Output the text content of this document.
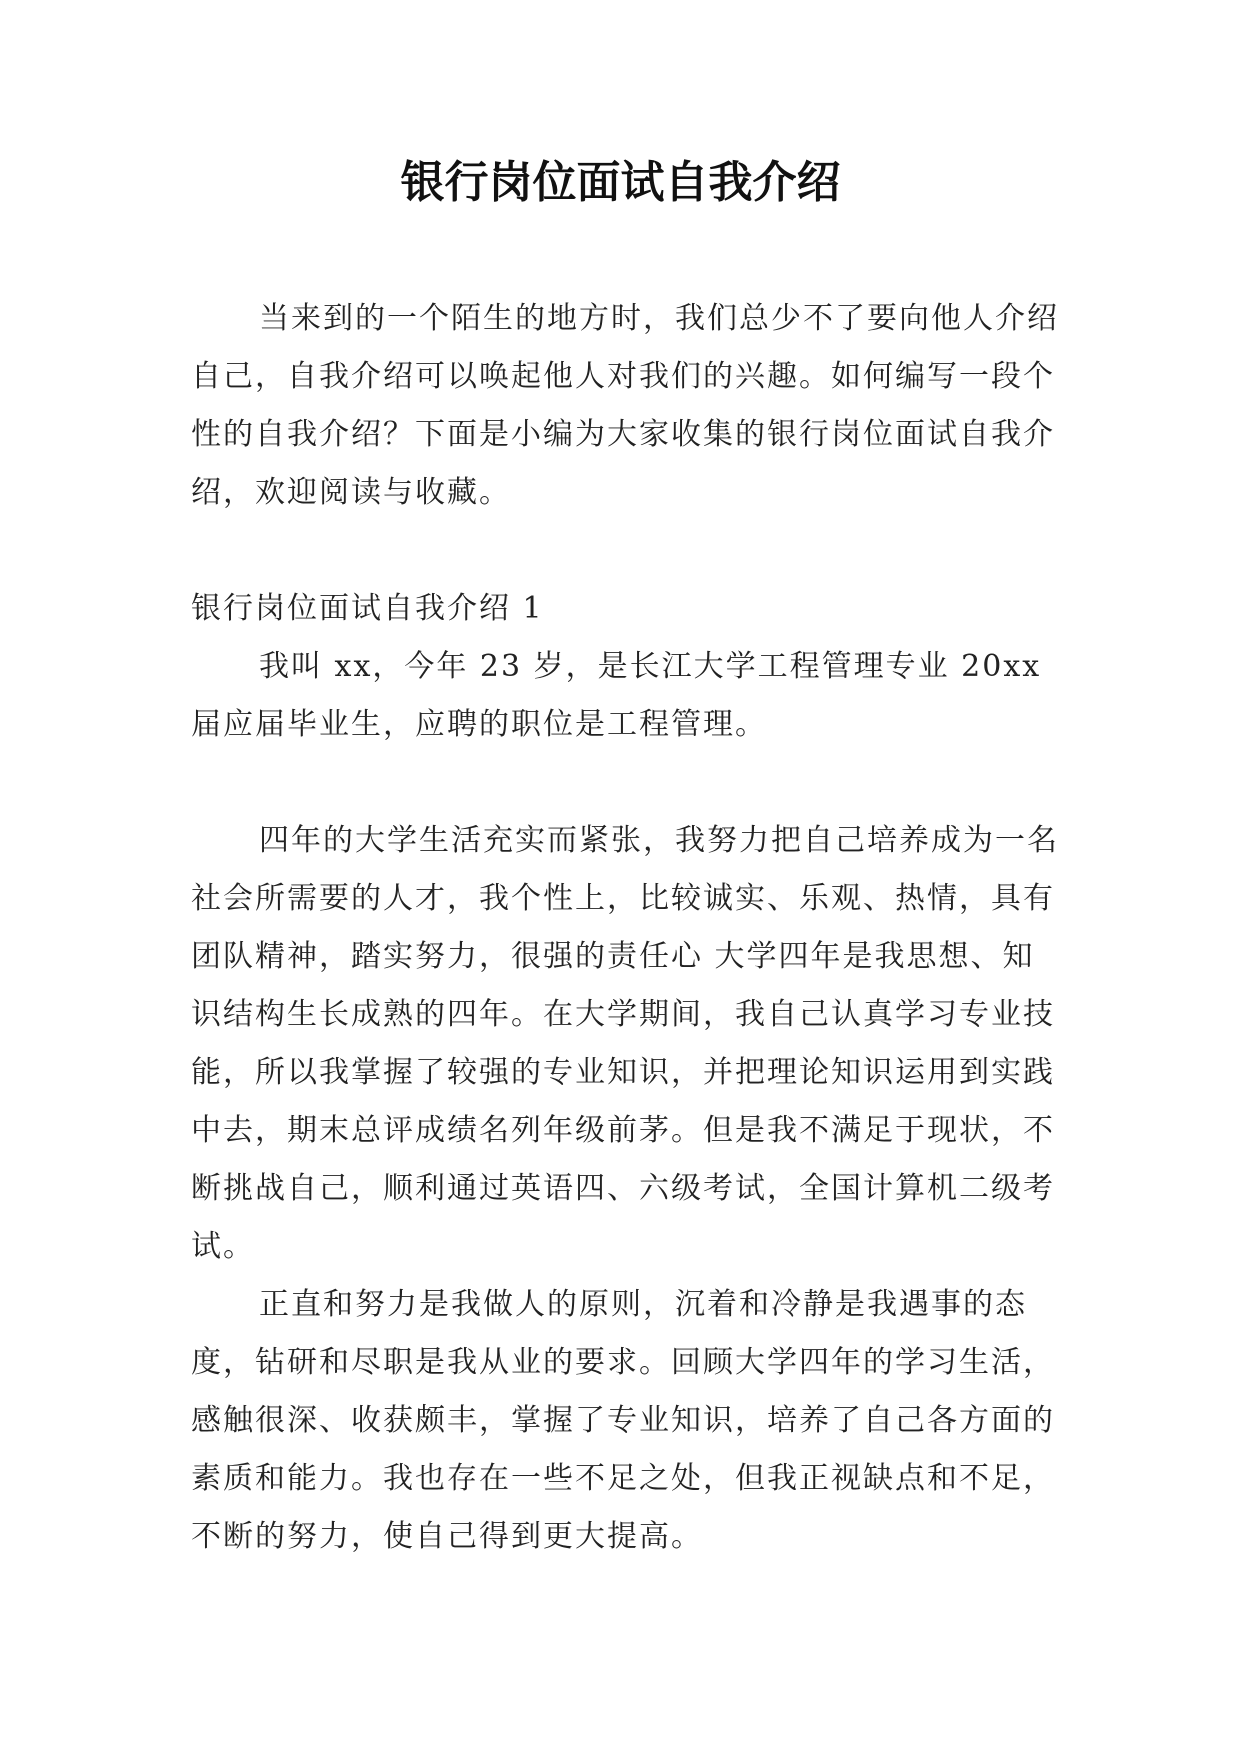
银行岗位面试自我介绍

当来到的一个陌生的地方时，我们总少不了要向他人介绍自己，自我介绍可以唤起他人对我们的兴趣。如何编写一段个性的自我介绍？下面是小编为大家收集的银行岗位面试自我介绍，欢迎阅读与收藏。

银行岗位面试自我介绍 1

我叫 xx，今年 23 岁，是长江大学工程管理专业 20xx 届应届毕业生，应聘的职位是工程管理。

四年的大学生活充实而紧张，我努力把自己培养成为一名社会所需要的人才，我个性上，比较诚实、乐观、热情，具有团队精神，踏实努力，很强的责任心 大学四年是我思想、知识结构生长成熟的四年。在大学期间，我自己认真学习专业技能，所以我掌握了较强的专业知识，并把理论知识运用到实践中去，期末总评成绩名列年级前茅。但是我不满足于现状，不断挑战自己，顺利通过英语四、六级考试，全国计算机二级考试。

正直和努力是我做人的原则，沉着和冷静是我遇事的态度，钻研和尽职是我从业的要求。回顾大学四年的学习生活，感触很深、收获颇丰，掌握了专业知识，培养了自己各方面的素质和能力。我也存在一些不足之处，但我正视缺点和不足，不断的努力，使自己得到更大提高。
